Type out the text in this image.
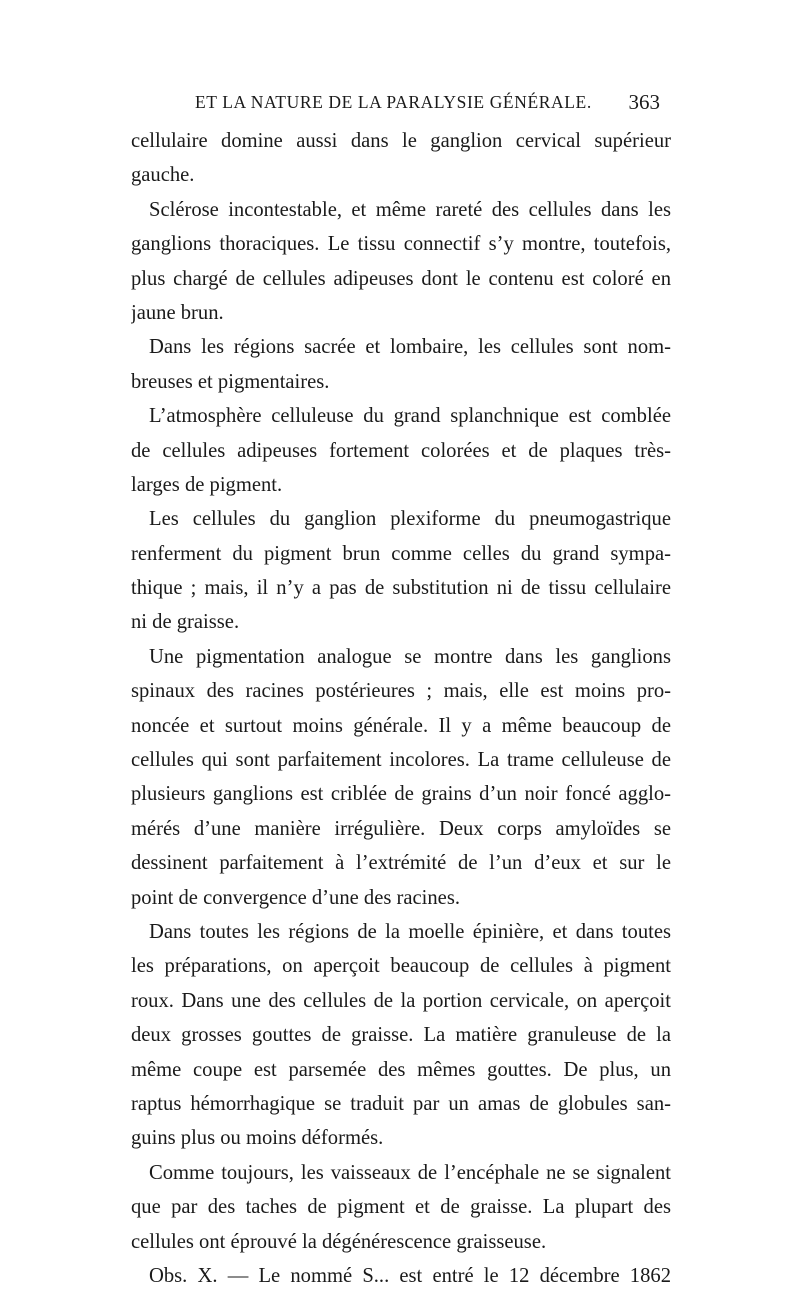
ET LA NATURE DE LA PARALYSIE GÉNÉRALE. 363
cellulaire domine aussi dans le ganglion cervical supérieur
gauche.
Sclérose incontestable, et même rareté des cellules dans les
ganglions thoraciques. Le tissu connectif s’y montre, toutefois,
plus chargé de cellules adipeuses dont le contenu est coloré en
jaune brun.
Dans les régions sacrée et lombaire, les cellules sont nom-
breuses et pigmentaires.
L’atmosphère celluleuse du grand splanchnique est comblée
de cellules adipeuses fortement colorées et de plaques très-
larges de pigment.
Les cellules du ganglion plexiforme du pneumogastrique
renferment du pigment brun comme celles du grand sympa-
thique ; mais, il n’y a pas de substitution ni de tissu cellulaire
ni de graisse.
Une pigmentation analogue se montre dans les ganglions
spinaux des racines postérieures ; mais, elle est moins pro-
noncée et surtout moins générale. Il y a même beaucoup de
cellules qui sont parfaitement incolores. La trame celluleuse de
plusieurs ganglions est criblée de grains d’un noir foncé agglo-
mérés d’une manière irrégulière. Deux corps amyloïdes se
dessinent parfaitement à l’extrémité de l’un d’eux et sur le
point de convergence d’une des racines.
Dans toutes les régions de la moelle épinière, et dans toutes
les préparations, on aperçoit beaucoup de cellules à pigment
roux. Dans une des cellules de la portion cervicale, on aperçoit
deux grosses gouttes de graisse. La matière granuleuse de la
même coupe est parsemée des mêmes gouttes. De plus, un
raptus hémorrhagique se traduit par un amas de globules san-
guins plus ou moins déformés.
Comme toujours, les vaisseaux de l’encéphale ne se signalent
que par des taches de pigment et de graisse. La plupart des
cellules ont éprouvé la dégénérescence graisseuse.
Obs. X. — Le nommé S... est entré le 12 décembre 1862
